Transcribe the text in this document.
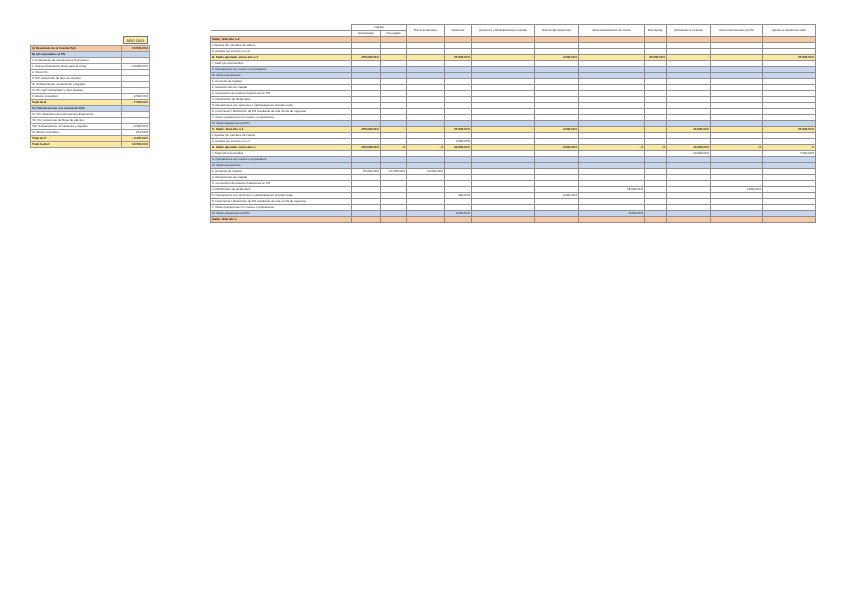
AÑO 20X1
A) Resultado de la Cuenta PyG	15.500,00 €
B) IyG imputados al PN	
I. R valoración de instrumentos financieros	
1. Activos financieros disps para la venta	- 10.000,00 €
2. Otros I/G	
II. Por coberturas de flujo de efectivo	
III. Subvenciones, donaciones y legados	
IV. Por GyP actuariales y otros ajustes	
V. Efecto impositivo	2.500,00 €
Total de B	- 7.500,00 €
C) Transferencias a la cuenta de PyG	
VI. Por valoración de instrumentos financieros	
VII. Por coberturas de flujos de efectivo	
VIII. Subvenciones, donaciones y legados	- 3.250,00 €
IX. Efecto impositivo	812,50 €
Total de C	- 2.437,50 €
Total A+B+C	10.500,00 €
	Capital		Prima de Emisión	Reservas	(Acciones y Participaciones propias)	Rdo de Ejs anteriores	Otras aportaciones de socios	Rdo del Ej.	(Dividendo a Cuenta)	Otros instrumentos de PN	Ajustes a cambio de valor
	Escriturado	No exigido									
Saldo, final año n-2											
I. Ajustes por cambios de criterio											
II. Ajustes por errores en n-2											
B. Saldo ajustado, inicio año n-1	250.000,00 €			25.000,00 €		2.000,00 €		30.000,00 €			25.000,00 €
I. Total IyG reconocidos											
II. Operaciones con socios o propietarios											
III. Otras operaciones											
1. Aumento de Capital											
2. Reducciones de Capital											
3. Conversión de pasivos financieros en PN											
4. Distribución de dividendos											
5. Operaciones con acciones o participaciones propias netas											
6. Incremento / Reducción de PN resultante de una combi de negocios											
7. Otras operaciones con socios o propietarios											
IV. Otras variaciones del PN											
C. Saldo, final año n-1	250.000,00 €			25.000,00 €		2.000,00 €			10.000,00 €		25.000,00 €
I. Ajustes por cambios de criterio											
II. Ajustes por errores en n-1				2.950,00 €							
D. Saldo ajustado, inicio año n	250.000,00 €	- €	- €	22.950,00 €		2.000,00 €	- €	- €	10.000,00 €	- €	- €
I. Total IyG reconocidos									10.000,00 €		7.500,00 €
II. Operaciones con socios o propietarios											
III. Otras operaciones											
1. Aumento de Capital	50.000,00 €	- 27.500,00 €	10.000,00 €								
2. Reducciones de Capital											
3. Conversión de pasivos financieros en PN											
4. Distribución de dividendos							15.000,00 €			2.000,00 €	
5. Operaciones con acciones o participaciones propias netas				300,00 €		2.000,00 €					
6. Incremento / Reducción de PN resultante de una combi de negocios											
7. Otras operaciones con socios o propietarios											
IV. Otras variaciones del PN				9.000,00 €			8.000,00 €				
Saldo, final año n											
